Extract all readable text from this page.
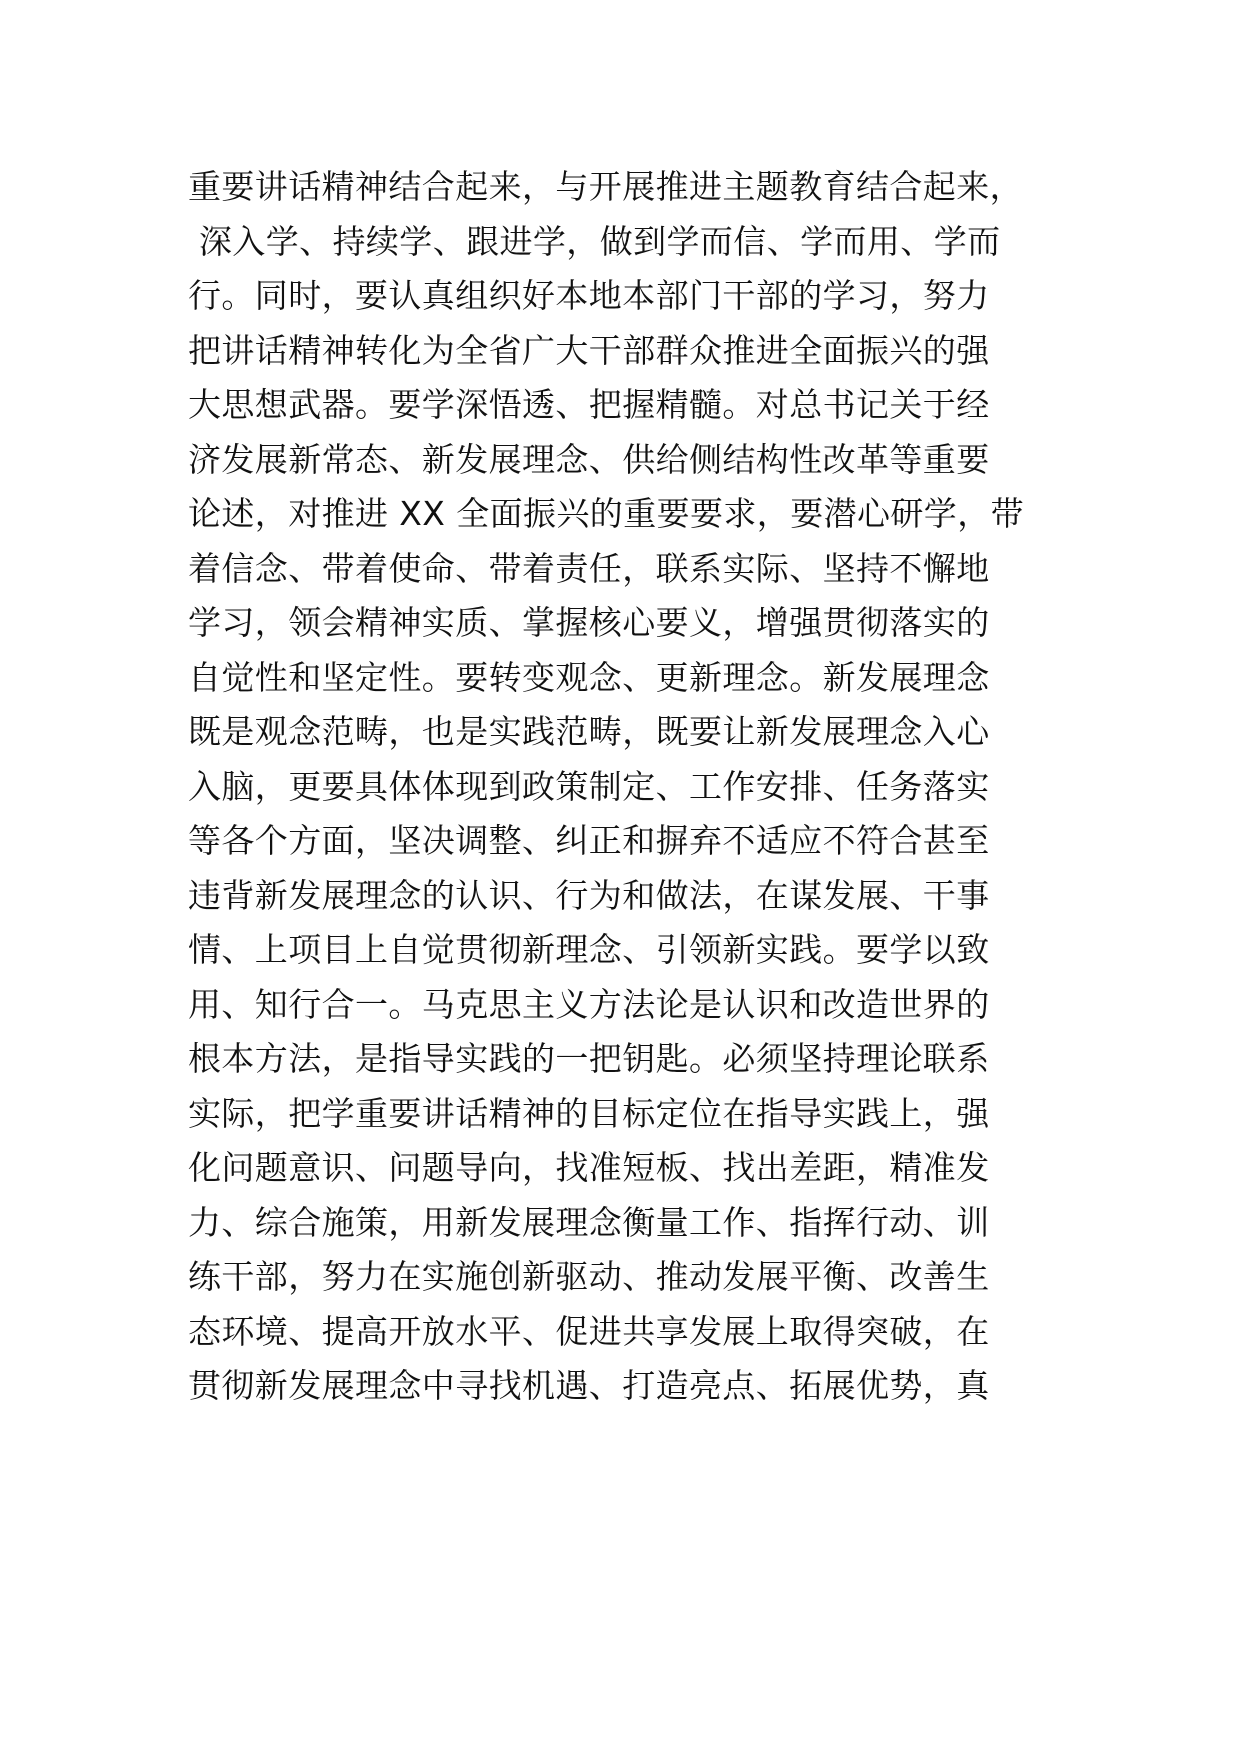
重要讲话精神结合起来，与开展推进主题教育结合起来，
深入学、持续学、跟进学，做到学而信、学而用、学而
行。同时，要认真组织好本地本部门干部的学习，努力
把讲话精神转化为全省广大干部群众推进全面振兴的强
大思想武器。要学深悟透、把握精髓。对总书记关于经
济发展新常态、新发展理念、供给侧结构性改革等重要
论述，对推进 XX 全面振兴的重要要求，要潜心研学，带
着信念、带着使命、带着责任，联系实际、坚持不懈地
学习，领会精神实质、掌握核心要义，增强贯彻落实的
自觉性和坚定性。要转变观念、更新理念。新发展理念
既是观念范畴，也是实践范畴，既要让新发展理念入心
入脑，更要具体体现到政策制定、工作安排、任务落实
等各个方面，坚决调整、纠正和摒弃不适应不符合甚至
违背新发展理念的认识、行为和做法，在谋发展、干事
情、上项目上自觉贯彻新理念、引领新实践。要学以致
用、知行合一。马克思主义方法论是认识和改造世界的
根本方法，是指导实践的一把钥匙。必须坚持理论联系
实际，把学重要讲话精神的目标定位在指导实践上，强
化问题意识、问题导向，找准短板、找出差距，精准发
力、综合施策，用新发展理念衡量工作、指挥行动、训
练干部，努力在实施创新驱动、推动发展平衡、改善生
态环境、提高开放水平、促进共享发展上取得突破，在
贯彻新发展理念中寻找机遇、打造亮点、拓展优势，真
